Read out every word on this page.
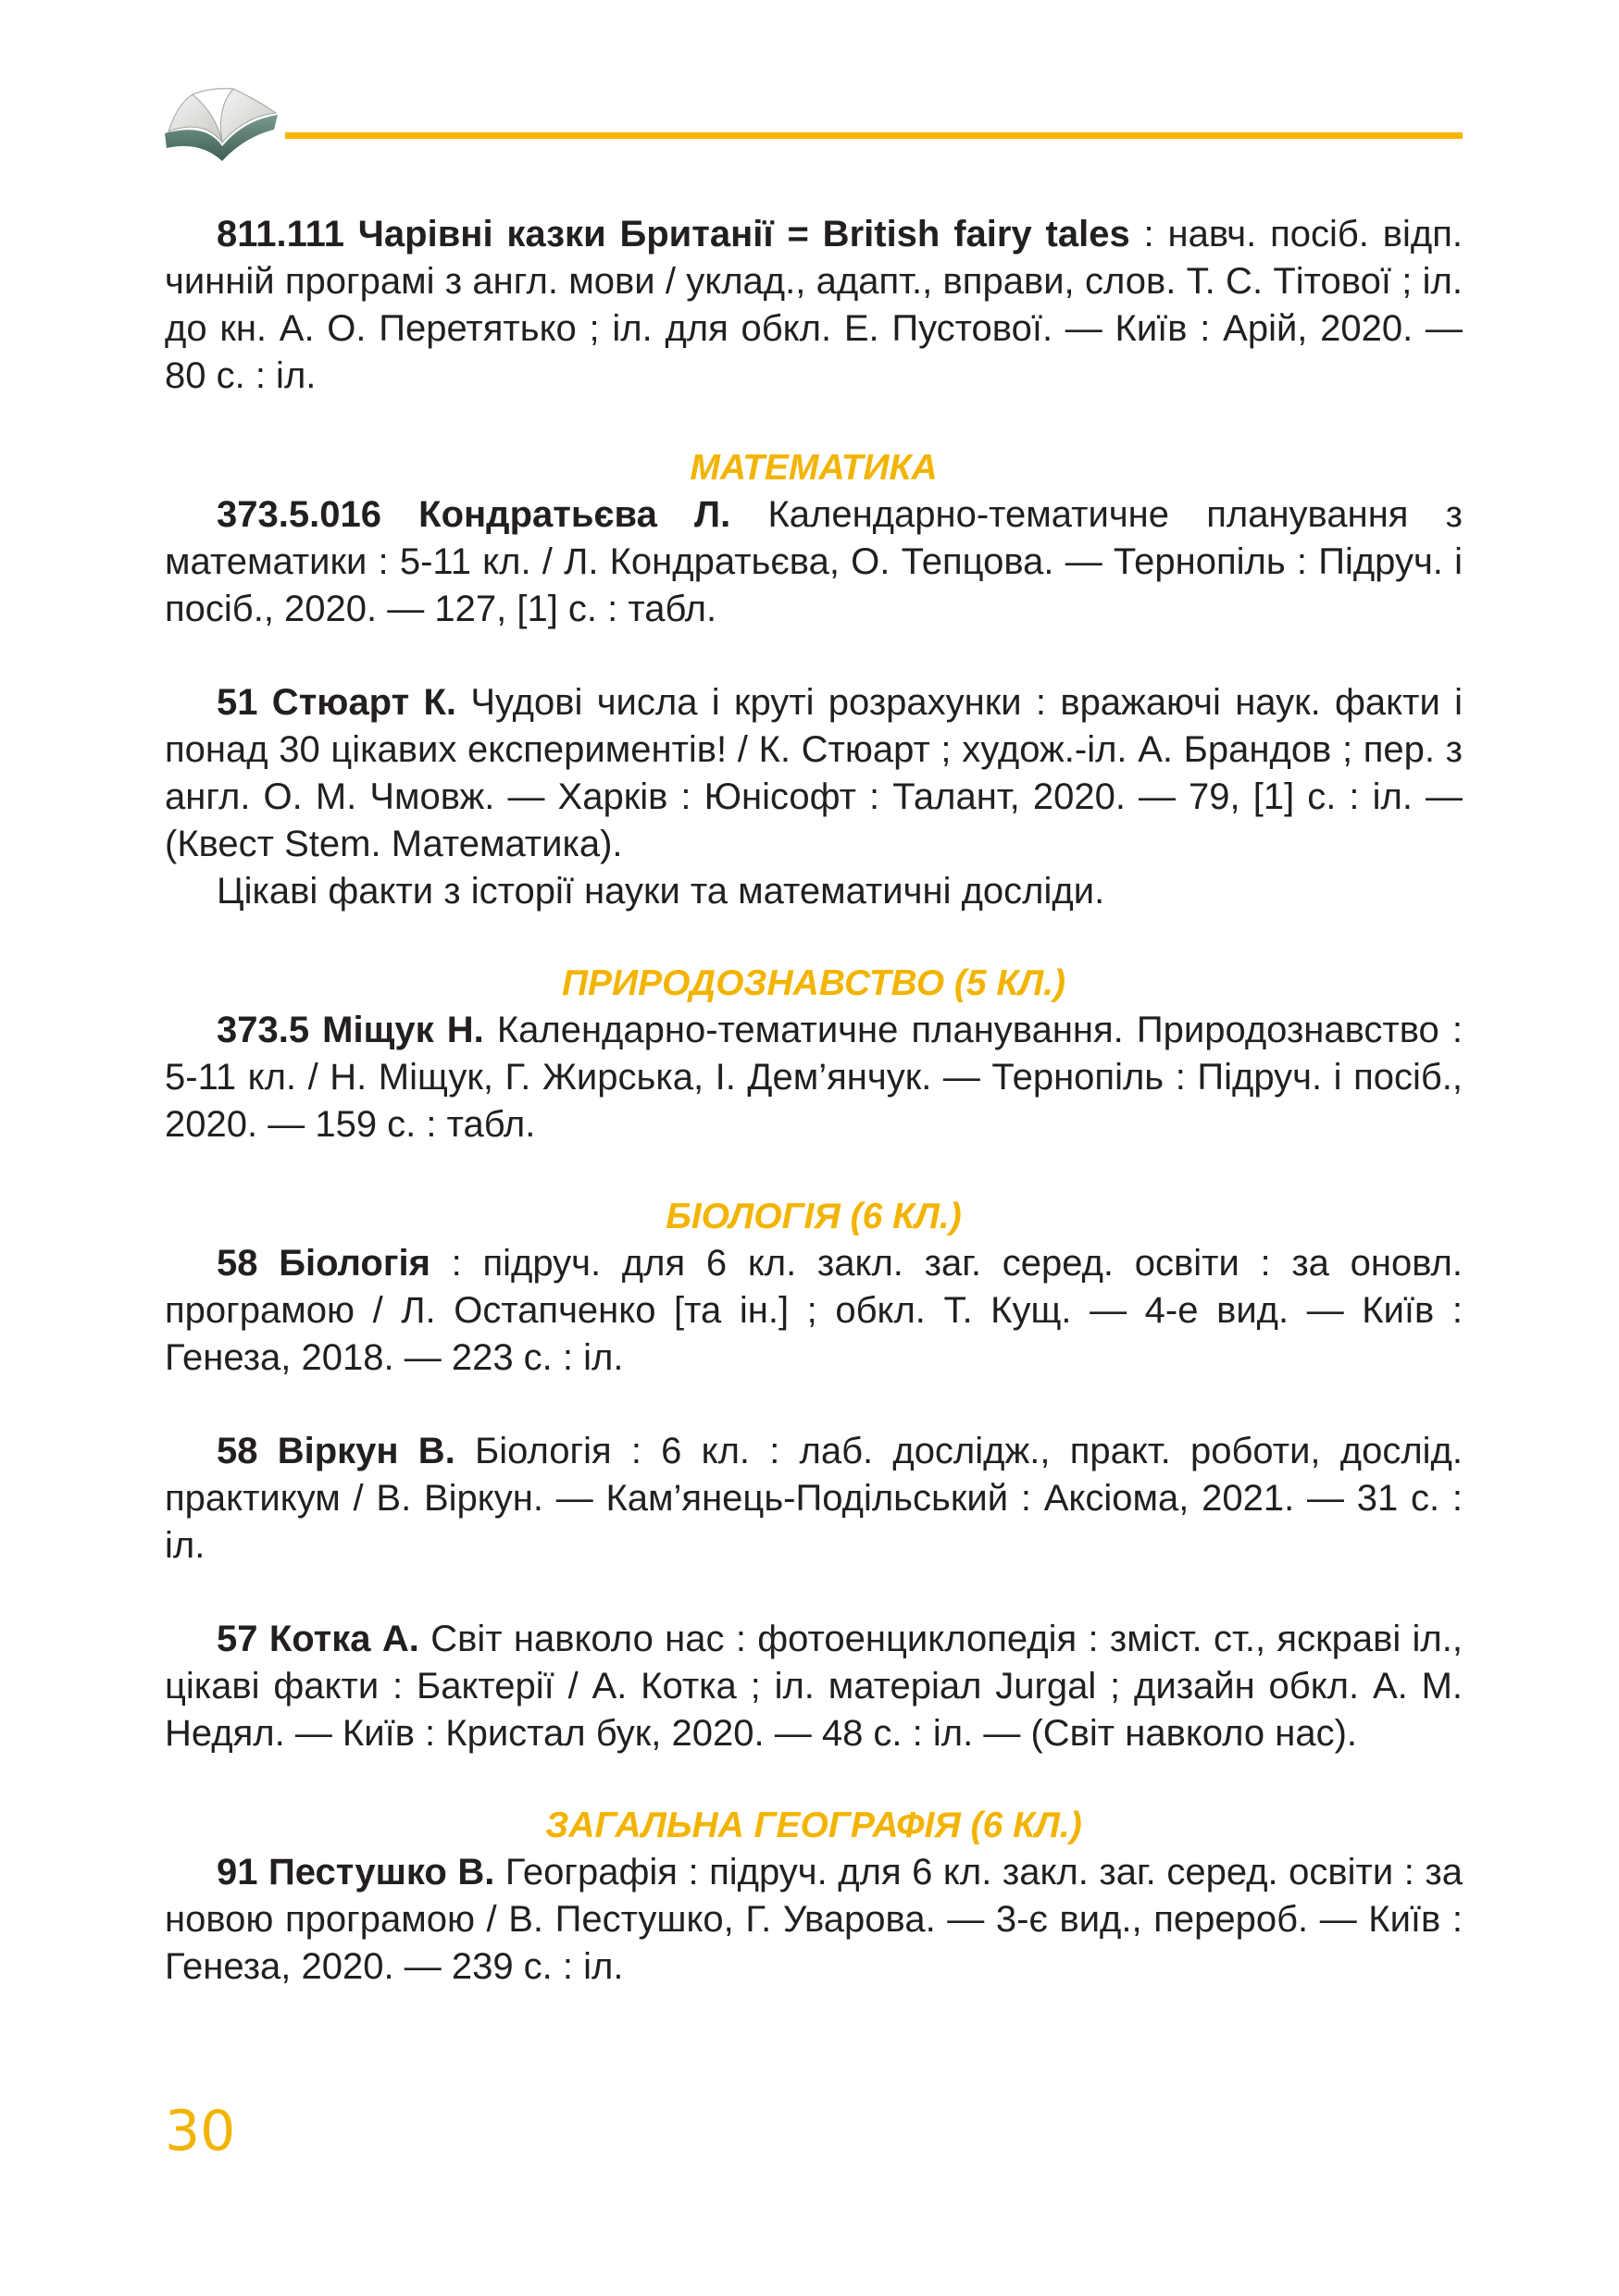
811.111 Чарівні казки Британії = British fairy tales : навч. посіб. відп. чинній програмі з англ. мови / уклад., адапт., вправи, слов. Т. С. Тітової ; іл. до кн. А. О. Перетятько ; іл. для обкл. Е. Пустової. — Київ : Арій, 2020. — 80 с. : іл.

МАТЕМАТИКА

373.5.016 Кондратьєва Л. Календарно-тематичне планування з математики : 5-11 кл. / Л. Кондратьєва, О. Тепцова. — Тернопіль : Підруч. і посіб., 2020. — 127, [1] с. : табл.

51 Стюарт К. Чудові числа і круті розрахунки : вражаючі наук. факти і понад 30 цікавих експериментів! / К. Стюарт ; худож.-іл. А. Брандов ; пер. з англ. О. М. Чмовж. — Харків : Юнісофт : Талант, 2020. — 79, [1] с. : іл. — (Квест Stem. Математика).

Цікаві факти з історії науки та математичні досліди.

ПРИРОДОЗНАВСТВО (5 КЛ.)

373.5 Міщук Н. Календарно-тематичне планування. Природознавство : 5-11 кл. / Н. Міщук, Г. Жирська, І. Дем’янчук. — Тернопіль : Підруч. і посіб., 2020. — 159 с. : табл.

БІОЛОГІЯ (6 КЛ.)

58 Біологія : підруч. для 6 кл. закл. заг. серед. освіти : за оновл. програмою / Л. Остапченко [та ін.] ; обкл. Т. Кущ. — 4-е вид. — Київ : Генеза, 2018. — 223 с. : іл.

58 Віркун В. Біологія : 6 кл. : лаб. дослідж., практ. роботи, дослід. практикум / В. Віркун. — Кам’янець-Подільський : Аксіома, 2021. — 31 с. : іл.

57 Котка А. Світ навколо нас : фотоенциклопедія : зміст. ст., яскраві іл., цікаві факти : Бактерії / А. Котка ; іл. матеріал Jurgal ; дизайн обкл. А. М. Недял. — Київ : Кристал бук, 2020. — 48 с. : іл. — (Світ навколо нас).

ЗАГАЛЬНА ГЕОГРАФІЯ (6 КЛ.)

91 Пестушко В. Географія : підруч. для 6 кл. закл. заг. серед. освіти : за новою програмою / В. Пестушко, Г. Уварова. — 3-є вид., перероб. — Київ : Генеза, 2020. — 239 с. : іл.

30
